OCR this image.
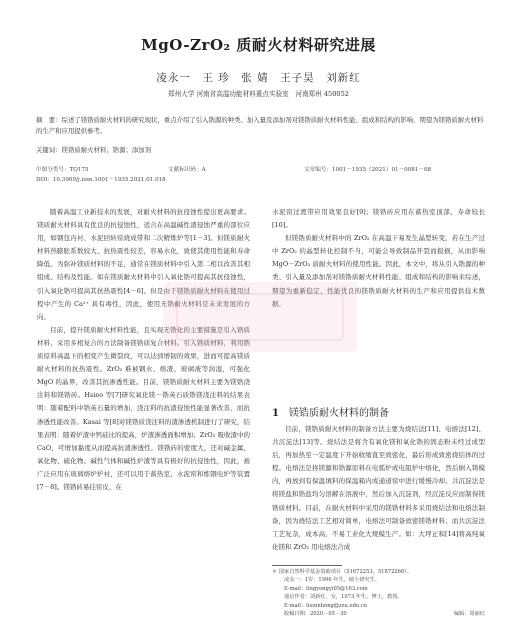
MgO-ZrO₂ 质耐火材料研究进展
凌永一　王 珍　张 婧　王子昊　刘新红
郑州大学 河南省高温功能材料重点实验室　河南郑州 450052
摘　要：综述了镁锆质耐火材料的研究现状，重点介绍了引入锆源的种类、加入量及添加剂对镁锆质耐火材料性能、组成和结构的影响，期望为镁锆质耐火材料的生产和应用提供参考。
关键词：镁锆质耐火材料；锆源；添加剂
中图分类号：TQ175	文献标识码：A	文章编号：1001－1935（2021）01－0081－08
DOI：10.3969/j.issn.1001－1935.2021.01.018

随着高温工业新技术的发展，对耐火材料的抗侵蚀性提出更高要求。镁质耐火材料具有优良的抗侵蚀性，适合在高温碱性渣侵蚀严重的部位应用，如钢包内衬、水泥回转窑烧成带和二次精炼炉等[1－3]。但镁质耐火材料热膨胀系数较大、抗热震性较差，容易水化，致使其使用性能和寿命降低。为弥补镁质材料的不足，通常在镁质材料中引入第二相以改善其相组成、结构及性能。如在镁质耐火材料中引入氧化锆可提高其抗侵蚀性，引入氧化锆可提高其抗热震性[4－6]。但是由于镁锆质耐火材料在使用过程中产生的 Ca²⁺ 具有毒性，因此，使用无锆耐火材料是未来发展的方向。

目前，提升镁质耐火材料性能，且实现无锆化的主要措施是引入锆质材料，采用多相复合的方法制备镁锆质复合材料。引入锆质材料，利用锆质原料高温下的相变产生微裂纹，可以达到增韧的效果，进而可提高镁质耐火材料的抗热震性。ZrO₂ 难被钢水、熔渣、玻璃液等润湿，可强化 MgO 的晶界，改善其抗渗透性能。目前，镁锆质耐火材料主要为镁锆浇注料和镁锆砖。Hsieo 等[7]研究氧化镁－锆英石质锆镁浇注料的结果表明：随着配料中锆英石量的增加，浇注料的抗渣侵蚀性能显著改善，而抗渗透性能改善。Kasai 等[8]对镁锆质浇注料的渣渗透机制进行了研究，结果表明：随着炉渣中钙硅比的提高，炉渣渗透面积增加；ZrO₂ 吸收渣中的 CaO，可增加黏度从而提高抗渣渗透性。镁锆砖的密度大，还对碱金属、氧化物、硫化物、碱性气体和碱性炉渣等具有极好的抗侵蚀性，因此，被广泛应用在玻璃熔炉炉衬，还可以用于蓄热室、水泥窑和炼钢电炉等装置[7－8]。镁锆砖易挂窑皮，在

水泥窑过渡带应用效果良好[9]；镁锆砖应用在蓄热室顶部，寿命较长[10]。

但镁锆质耐火材料中的 ZrO₂ 在高温下易发生晶型转变，若在生产过中 ZrO₂ 的晶型转化控制不当，可能会导致制品开裂而报损，从而影响 MgO－ZrO₂ 质耐火材料的使用性能。因此，本文中，将从引入锆源的种类、引入量及添加剂对镁锆质耐火材料性能、组成和结构的影响来综述，期望为重新稳定、性能优良的镁锆质耐火材料的生产和应用提供技术数据。

1 镁锆质耐火材料的制备

目前，镁锆质耐火材料的制备方法主要为烧结法[11]、电熔法[12]、共沉淀法[13]等。烧结法是将含有氧化镁和氧化锆的固态粉末经过成型后，再加热至一定温度下开始收缩直至致密化，最后形成致密烧结体的过程。电熔法是将镁源和锆源原料在电弧炉或电阻炉中熔化，然后倒入铸模内，再放到有保温填料的保温箱内或通道窑中进行缓慢冷却。共沉淀法是将镁盐和锆盐均匀溶解在溶液中，然后加入沉淀剂，经沉淀反应而制得镁锆质材料。目前，在耐火材料中采用的镁锆材料多采用烧结法和电熔法制备，因为烧结法工艺相对简单，电熔法可制备致密镁锆材料；而共沉淀法工艺复杂，成本高，不易工业化大规模生产。如：大坪正和[14]将高纯氧化镁和 ZrO₂ 用电熔法合成

＊ 国家自然科学基金资助项目（51672253，51872266）。

凌永一：1岁：1996 年生，硕士研究生。

E-mail：lingyongyi05@163.com

通信作者：刘新红，女，1973 年生，博士，教授。

E-mail：liuxinhong@zzu.edu.cn

收稿日期：2020－05－30	编辑：周丽红
